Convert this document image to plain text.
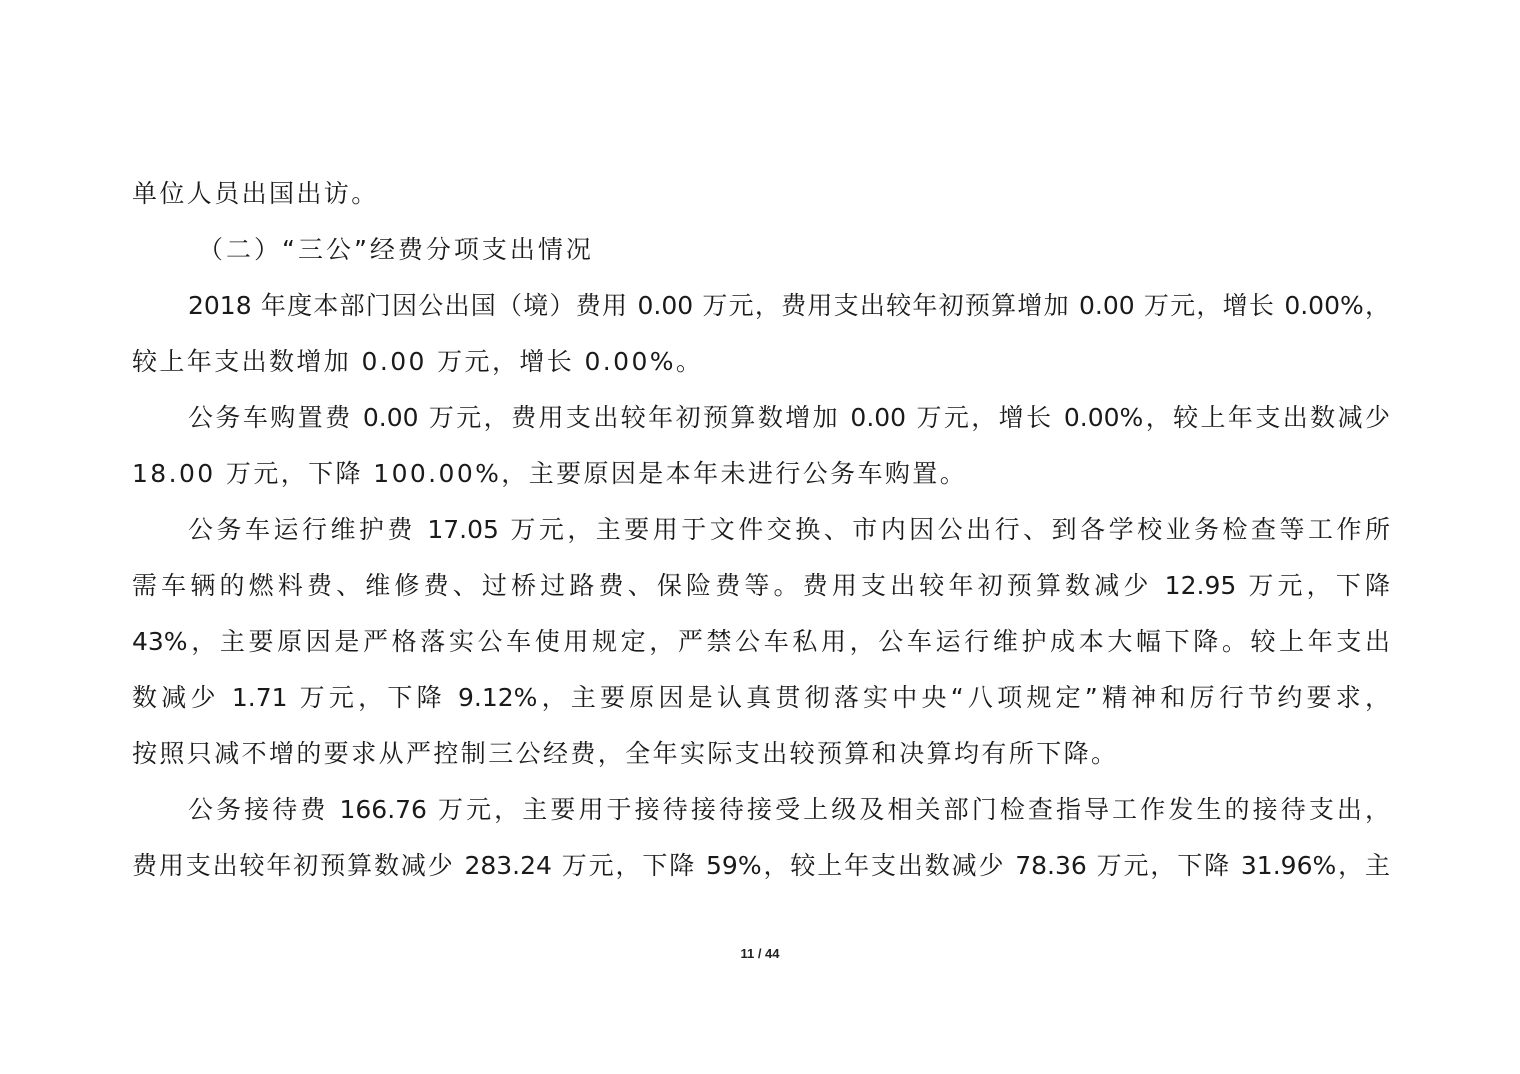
单位人员出国出访。
（二）“三公”经费分项支出情况
2018 年度本部门因公出国（境）费用 0.00 万元，费用支出较年初预算增加 0.00 万元，增长 0.00%，
较上年支出数增加 0.00 万元，增长 0.00%。
公务车购置费 0.00 万元，费用支出较年初预算数增加 0.00 万元，增长 0.00%，较上年支出数减少
18.00 万元，下降 100.00%，主要原因是本年未进行公务车购置。
公务车运行维护费 17.05 万元，主要用于文件交换、市内因公出行、到各学校业务检查等工作所
需车辆的燃料费、维修费、过桥过路费、保险费等。费用支出较年初预算数减少 12.95 万元，下降
43%，主要原因是严格落实公车使用规定，严禁公车私用，公车运行维护成本大幅下降。较上年支出
数减少 1.71 万元，下降 9.12%，主要原因是认真贯彻落实中央“八项规定”精神和厉行节约要求，
按照只减不增的要求从严控制三公经费，全年实际支出较预算和决算均有所下降。
公务接待费 166.76 万元，主要用于接待接待接受上级及相关部门检查指导工作发生的接待支出，
费用支出较年初预算数减少 283.24 万元，下降 59%，较上年支出数减少 78.36 万元，下降 31.96%，主
11 / 44
